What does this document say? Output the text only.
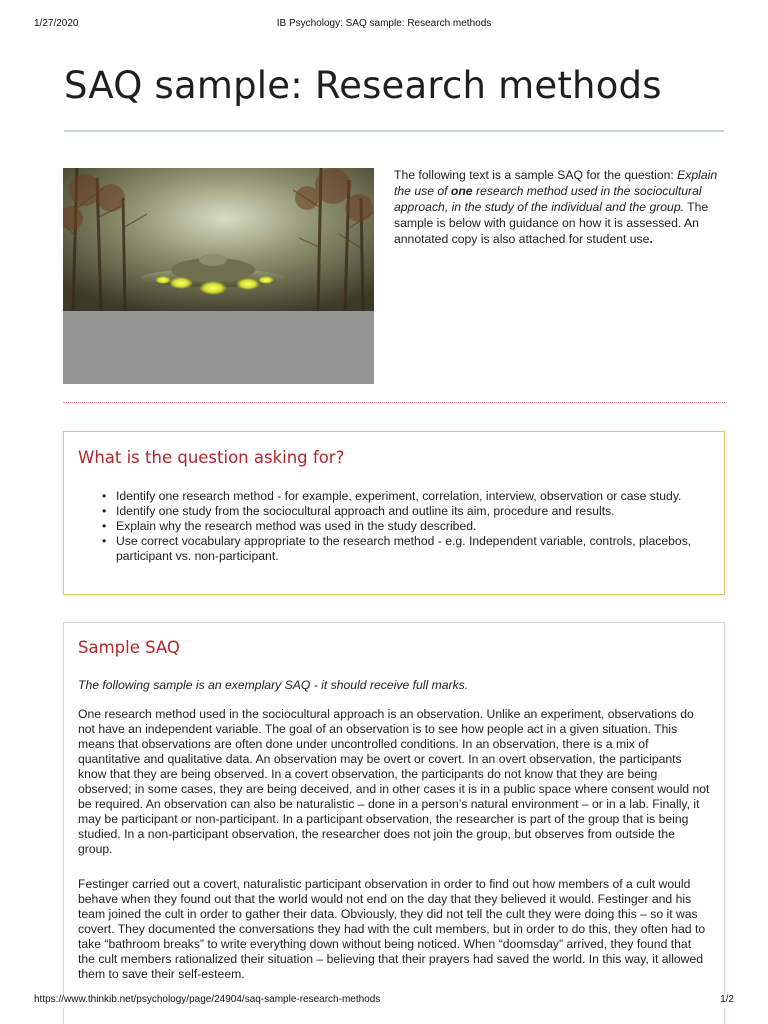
1/27/2020	IB Psychology: SAQ sample: Research methods
SAQ sample: Research methods
The following text is a sample SAQ for the question: Explain the use of one research method used in the sociocultural approach, in the study of the individual and the group. The sample is below with guidance on how it is assessed. An annotated copy is also attached for student use.
What is the question asking for?
• Identify one research method - for example, experiment, correlation, interview, observation or case study.
• Identify one study from the sociocultural approach and outline its aim, procedure and results.
• Explain why the research method was used in the study described.
• Use correct vocabulary appropriate to the research method - e.g. Independent variable, controls, placebos, participant vs. non-participant.
Sample SAQ

The following sample is an exemplary SAQ - it should receive full marks.

One research method used in the sociocultural approach is an observation. Unlike an experiment, observations do not have an independent variable. The goal of an observation is to see how people act in a given situation. This means that observations are often done under uncontrolled conditions. In an observation, there is a mix of quantitative and qualitative data. An observation may be overt or covert. In an overt observation, the participants know that they are being observed. In a covert observation, the participants do not know that they are being observed; in some cases, they are being deceived, and in other cases it is in a public space where consent would not be required. An observation can also be naturalistic – done in a person’s natural environment – or in a lab. Finally, it may be participant or non-participant. In a participant observation, the researcher is part of the group that is being studied. In a non-participant observation, the researcher does not join the group, but observes from outside the group.

Festinger carried out a covert, naturalistic participant observation in order to find out how members of a cult would behave when they found out that the world would not end on the day that they believed it would. Festinger and his team joined the cult in order to gather their data. Obviously, they did not tell the cult they were doing this – so it was covert. They documented the conversations they had with the cult members, but in order to do this, they often had to take “bathroom breaks” to write everything down without being noticed. When “doomsday” arrived, they found that the cult members rationalized their situation – believing that their prayers had saved the world. In this way, it allowed them to save their self-esteem.

https://www.thinkib.net/psychology/page/24904/saq-sample-research-methods	1/2
